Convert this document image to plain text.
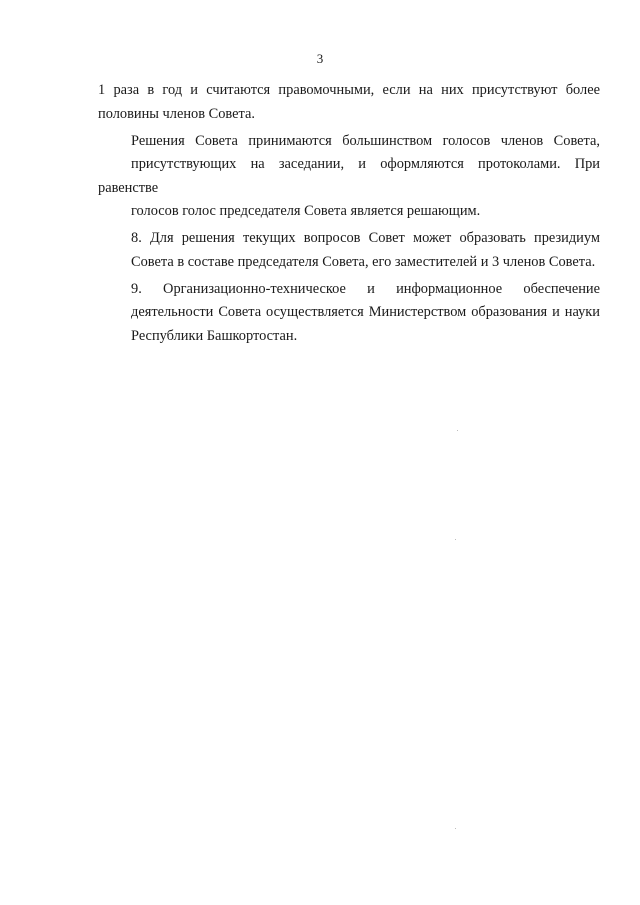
3

1 раза в год и считаются правомочными, если на них присутствуют более
половины членов Совета.

Решения Совета принимаются большинством голосов членов Совета,
присутствующих на заседании, и оформляются протоколами. При равенстве
голосов голос председателя Совета является решающим.

8. Для решения текущих вопросов Совет может образовать президиум
Совета в составе председателя Совета, его заместителей и 3 членов Совета.

9. Организационно-техническое и информационное обеспечение
деятельности Совета осуществляется Министерством образования и науки
Республики Башкортостан.
